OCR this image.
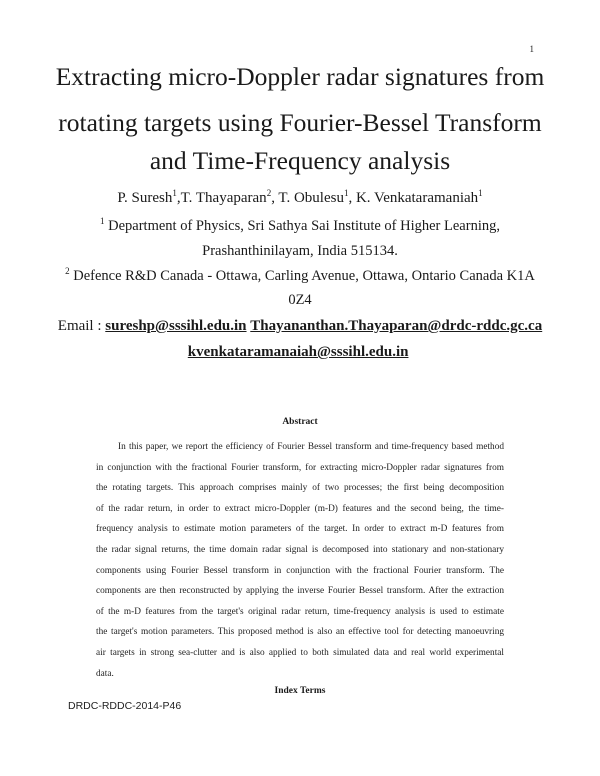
1
Extracting micro-Doppler radar signatures from
rotating targets using Fourier-Bessel Transform
and Time-Frequency analysis
P. Suresh$^1$,T. Thayaparan$^2$, T. Obulesu$^1$, K. Venkataramaniah$^1$
$^1$ Department of Physics, Sri Sathya Sai Institute of Higher Learning,
Prashanthinilayam, India 515134.
$^2$ Defence R&D Canada - Ottawa, Carling Avenue, Ottawa, Ontario Canada K1A
0Z4
Email : sureshp@sssihl.edu.in Thayananthan.Thayaparan@drdc-rddc.gc.ca
kvenkataramanaiah@sssihl.edu.in
Abstract
In this paper, we report the efficiency of Fourier Bessel transform and time-frequency based method
in conjunction with the fractional Fourier transform, for extracting micro-Doppler radar signatures from
the rotating targets. This approach comprises mainly of two processes; the first being decomposition
of the radar return, in order to extract micro-Doppler (m-D) features and the second being, the time-
frequency analysis to estimate motion parameters of the target. In order to extract m-D features from
the radar signal returns, the time domain radar signal is decomposed into stationary and non-stationary
components using Fourier Bessel transform in conjunction with the fractional Fourier transform. The
components are then reconstructed by applying the inverse Fourier Bessel transform. After the extraction
of the m-D features from the target's original radar return, time-frequency analysis is used to estimate
the target's motion parameters. This proposed method is also an effective tool for detecting manoeuvring
air targets in strong sea-clutter and is also applied to both simulated data and real world experimental
data.
Index Terms
DRDC-RDDC-2014-P46
